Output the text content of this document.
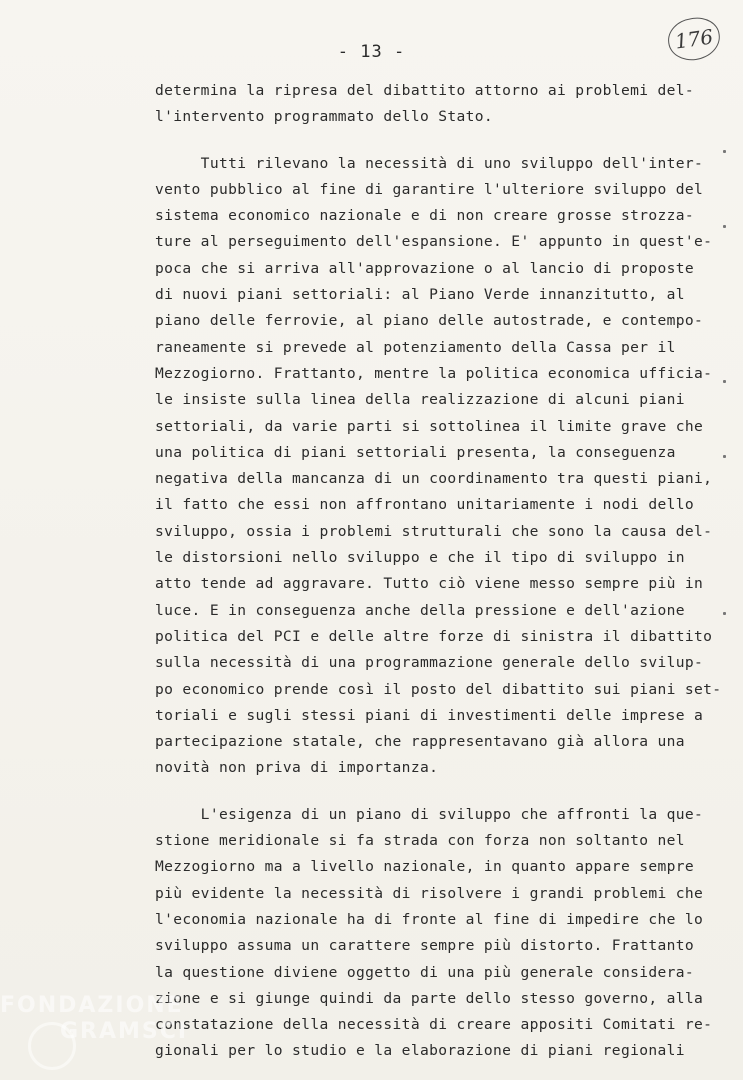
- 13 -	176
determina la ripresa del dibattito attorno ai problemi del-
l'intervento programmato dello Stato.
Tutti rilevano la necessità di uno sviluppo dell'inter-
vento pubblico al fine di garantire l'ulteriore sviluppo del
sistema economico nazionale e di non creare grosse strozza-
ture al perseguimento dell'espansione. E' appunto in quest'e-
poca che si arriva all'approvazione o al lancio di proposte
di nuovi piani settoriali: al Piano Verde innanzitutto, al
piano delle ferrovie, al piano delle autostrade, e contempo-
raneamente si prevede al potenziamento della Cassa per il
Mezzogiorno. Frattanto, mentre la politica economica ufficia-
le insiste sulla linea della realizzazione di alcuni piani
settoriali, da varie parti si sottolinea il limite grave che
una politica di piani settoriali presenta, la conseguenza
negativa della mancanza di un coordinamento tra questi piani,
il fatto che essi non affrontano unitariamente i nodi dello
sviluppo, ossia i problemi strutturali che sono la causa del-
le distorsioni nello sviluppo e che il tipo di sviluppo in
atto tende ad aggravare. Tutto ciò viene messo sempre più in
luce. E in conseguenza anche della pressione e dell'azione
politica del PCI e delle altre forze di sinistra il dibattito
sulla necessità di una programmazione generale dello svilup-
po economico prende così il posto del dibattito sui piani set-
toriali e sugli stessi piani di investimenti delle imprese a
partecipazione statale, che rappresentavano già allora una
novità non priva di importanza.
L'esigenza di un piano di sviluppo che affronti la que-
stione meridionale si fa strada con forza non soltanto nel
Mezzogiorno ma a livello nazionale, in quanto appare sempre
più evidente la necessità di risolvere i grandi problemi che
l'economia nazionale ha di fronte al fine di impedire che lo
sviluppo assuma un carattere sempre più distorto. Frattanto
la questione diviene oggetto di una più generale considera-
zione e si giunge quindi da parte dello stesso governo, alla
constatazione della necessità di creare appositi Comitati re-
gionali per lo studio e la elaborazione di piani regionali
FONDAZIONE
GRAMSCI
